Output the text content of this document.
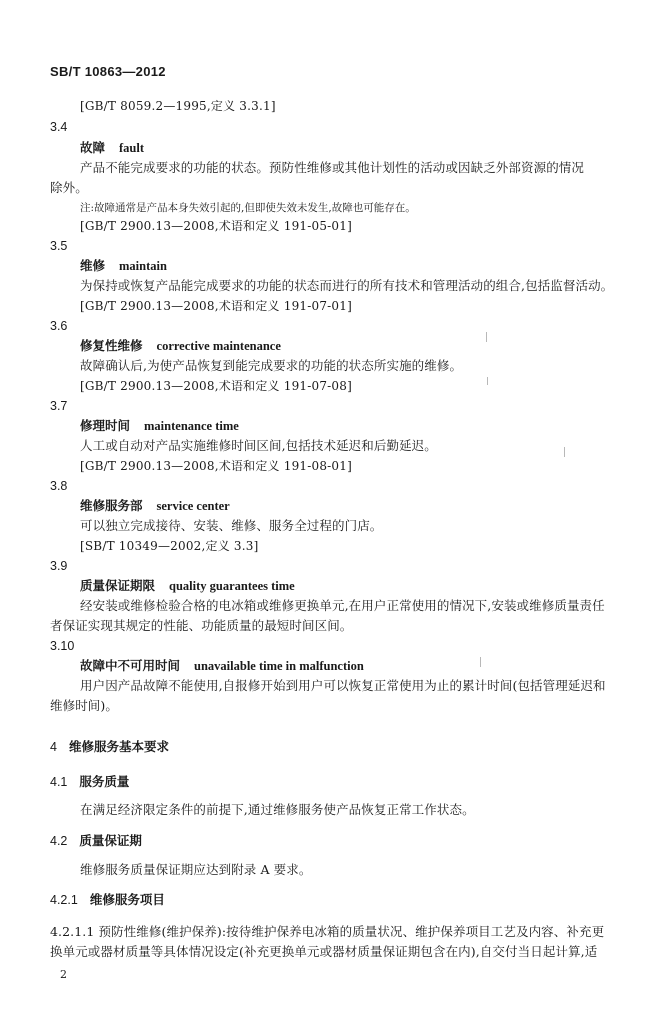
SB/T 10863—2012
[GB/T 8059.2—1995,定义 3.3.1]
3.4
故障 fault
产品不能完成要求的功能的状态。预防性维修或其他计划性的活动或因缺乏外部资源的情况
除外。
注:故障通常是产品本身失效引起的,但即使失效未发生,故障也可能存在。
[GB/T 2900.13—2008,术语和定义 191-05-01]
3.5
维修 maintain
为保持或恢复产品能完成要求的功能的状态而进行的所有技术和管理活动的组合,包括监督活动。
[GB/T 2900.13—2008,术语和定义 191-07-01]
3.6
修复性维修 corrective maintenance
故障确认后,为使产品恢复到能完成要求的功能的状态所实施的维修。
[GB/T 2900.13—2008,术语和定义 191-07-08]
3.7
修理时间 maintenance time
人工或自动对产品实施维修时间区间,包括技术延迟和后勤延迟。
[GB/T 2900.13—2008,术语和定义 191-08-01]
3.8
维修服务部 service center
可以独立完成接待、安装、维修、服务全过程的门店。
[SB/T 10349—2002,定义 3.3]
3.9
质量保证期限 quality guarantees time
经安装或维修检验合格的电冰箱或维修更换单元,在用户正常使用的情况下,安装或维修质量责任
者保证实现其规定的性能、功能质量的最短时间区间。
3.10
故障中不可用时间 unavailable time in malfunction
用户因产品故障不能使用,自报修开始到用户可以恢复正常使用为止的累计时间(包括管理延迟和
维修时间)。
4 维修服务基本要求
4.1 服务质量
在满足经济限定条件的前提下,通过维修服务使产品恢复正常工作状态。
4.2 质量保证期
维修服务质量保证期应达到附录 A 要求。
4.2.1 维修服务项目
4.2.1.1 预防性维修(维护保养):按待维护保养电冰箱的质量状况、维护保养项目工艺及内容、补充更
换单元或器材质量等具体情况设定(补充更换单元或器材质量保证期包含在内),自交付当日起计算,适
2
